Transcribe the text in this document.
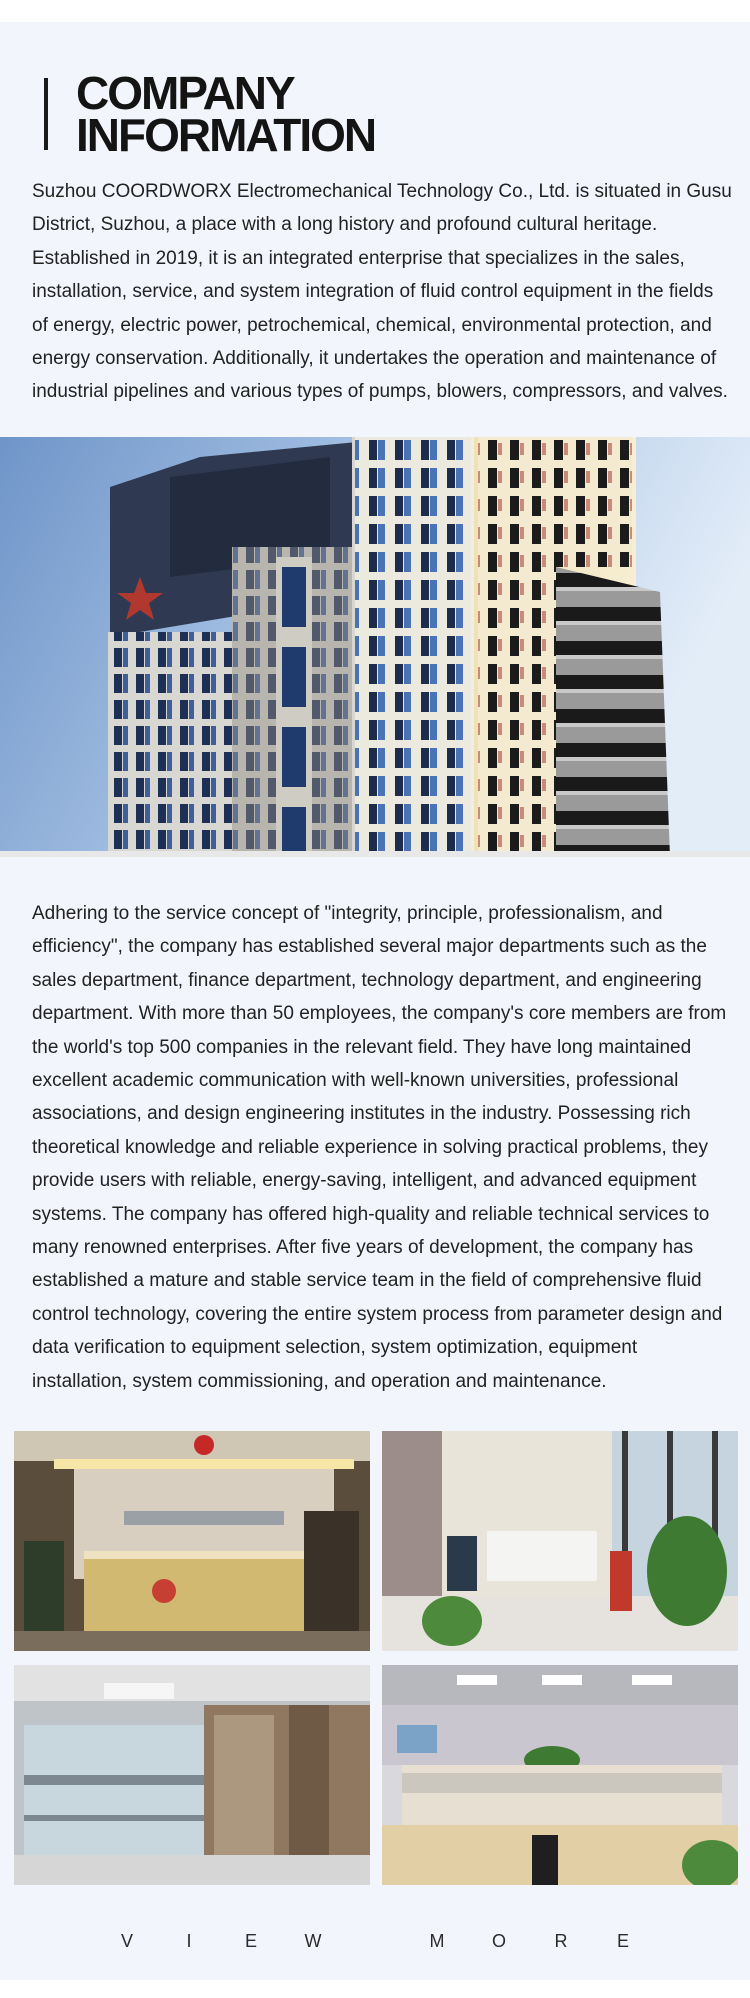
COMPANY
INFORMATION

Suzhou COORDWORX Electromechanical Technology Co., Ltd. is situated in Gusu District, Suzhou, a place with a long history and profound cultural heritage. Established in 2019, it is an integrated enterprise that specializes in the sales, installation, service, and system integration of fluid control equipment in the fields of energy, electric power, petrochemical, chemical, environmental protection, and energy conservation. Additionally, it undertakes the operation and maintenance of industrial pipelines and various types of pumps, blowers, compressors, and valves.

Adhering to the service concept of "integrity, principle, professionalism, and efficiency", the company has established several major departments such as the sales department, finance department, technology department, and engineering department. With more than 50 employees, the company's core members are from the world's top 500 companies in the relevant field. They have long maintained excellent academic communication with well-known universities, professional associations, and design engineering institutes in the industry. Possessing rich theoretical knowledge and reliable experience in solving practical problems, they provide users with reliable, energy-saving, intelligent, and advanced equipment systems. The company has offered high-quality and reliable technical services to many renowned enterprises. After five years of development, the company has established a mature and stable service team in the field of comprehensive fluid control technology, covering the entire system process from parameter design and data verification to equipment selection, system optimization, equipment installation, system commissioning, and operation and maintenance.

V	I	E	W	M	O	R	E
